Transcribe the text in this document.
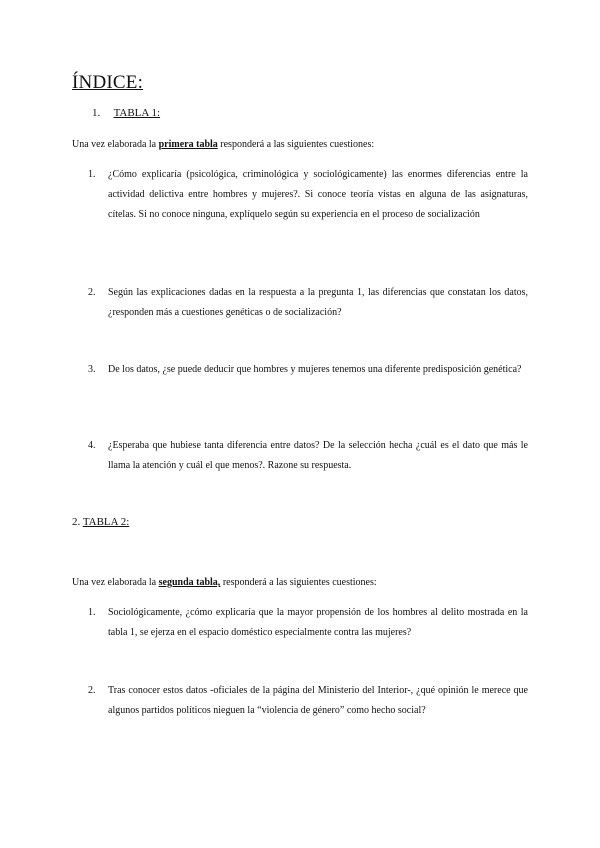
ÍNDICE:
1. TABLA 1:
Una vez elaborada la primera tabla responderá a las siguientes cuestiones:
1.	¿Cómo explicaría (psicológica, criminológica y sociológicamente) las enormes diferencias entre la actividad delictiva entre hombres y mujeres?. Si conoce teoría vistas en alguna de las asignaturas, cítelas. Si no conoce ninguna, explíquelo según su experiencia en el proceso de socialización
2.	Según las explicaciones dadas en la respuesta a la pregunta 1, las diferencias que constatan los datos, ¿responden más a cuestiones genéticas o de socialización?
3.	De los datos, ¿se puede deducir que hombres y mujeres tenemos una diferente predisposición genética?
4.	¿Esperaba que hubiese tanta diferencia entre datos? De la selección hecha ¿cuál es el dato que más le llama la atención y cuál el que menos?. Razone su respuesta.
2. TABLA 2:
Una vez elaborada la segunda tabla, responderá a las siguientes cuestiones:
1.	Sociológicamente, ¿cómo explicaría que la mayor propensión de los hombres al delito mostrada en la tabla 1, se ejerza en el espacio doméstico especialmente contra las mujeres?
2.	Tras conocer estos datos -oficiales de la página del Ministerio del Interior-, ¿qué opinión le merece que algunos partidos políticos nieguen la “violencia de género” como hecho social?
